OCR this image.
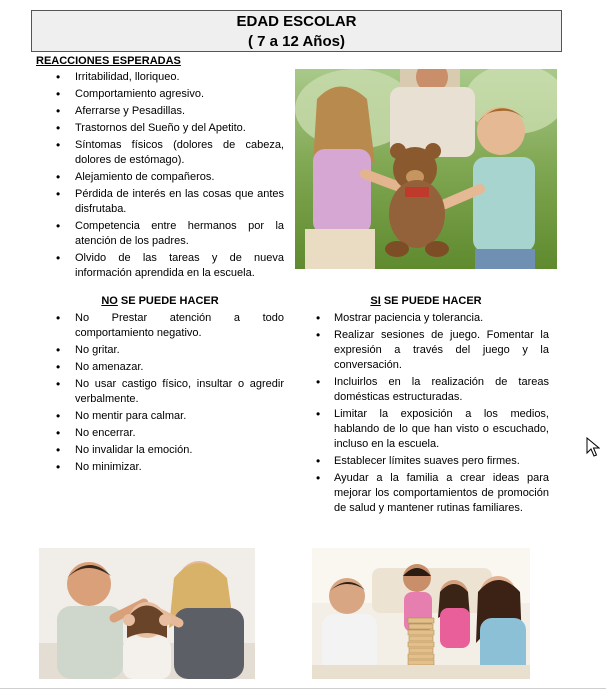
EDAD ESCOLAR
( 7 a 12 Años)
REACCIONES ESPERADAS
• Irritabilidad, lloriqueo.
• Comportamiento agresivo.
• Aferrarse y Pesadillas.
• Trastornos del Sueño y del Apetito.
• Síntomas físicos (dolores de cabeza, dolores de estómago).
• Alejamiento de compañeros.
• Pérdida de interés en las cosas que antes disfrutaba.
• Competencia entre hermanos por la atención de los padres.
• Olvido de las tareas y de nueva información aprendida en la escuela.
NO SE PUEDE HACER
• No Prestar atención a todo comportamiento negativo.
• No gritar.
• No amenazar.
• No usar castigo físico, insultar o agredir verbalmente.
• No mentir para calmar.
• No encerrar.
• No invalidar la emoción.
• No minimizar.
SI SE PUEDE HACER
• Mostrar paciencia y tolerancia.
• Realizar sesiones de juego. Fomentar la expresión a través del juego y la conversación.
• Incluirlos en la realización de tareas domésticas estructuradas.
• Limitar la exposición a los medios, hablando de lo que han visto o escuchado, incluso en la escuela.
• Establecer límites suaves pero firmes.
• Ayudar a la familia a crear ideas para mejorar los comportamientos de promoción de salud y mantener rutinas familiares.
